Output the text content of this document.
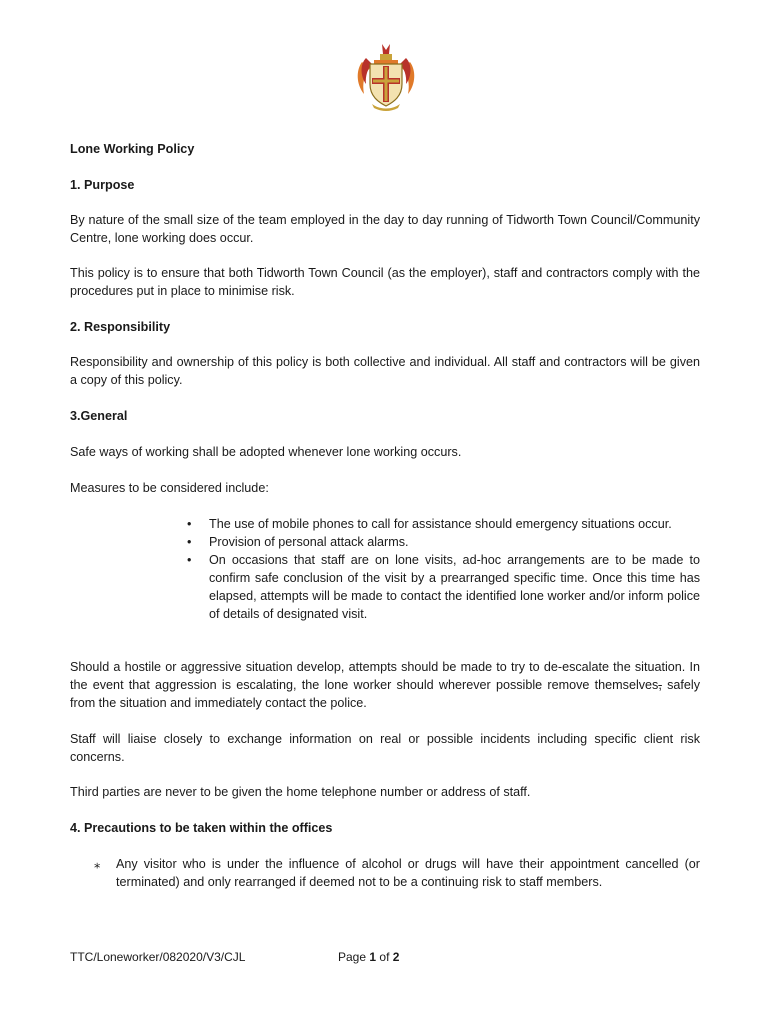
Lone Working Policy
1. Purpose
By nature of the small size of the team employed in the day to day running of Tidworth Town Council/Community Centre, lone working does occur.
This policy is to ensure that both Tidworth Town Council (as the employer), staff and contractors comply with the procedures put in place to minimise risk.
2. Responsibility
Responsibility and ownership of this policy is both collective and individual. All staff and contractors will be given a copy of this policy.
3.General
Safe ways of working shall be adopted whenever lone working occurs.
Measures to be considered include:
• The use of mobile phones to call for assistance should emergency situations occur.
• Provision of personal attack alarms.
• On occasions that staff are on lone visits, ad-hoc arrangements are to be made to confirm safe conclusion of the visit by a prearranged specific time. Once this time has elapsed, attempts will be made to contact the identified lone worker and/or inform police of details of designated visit.
Should a hostile or aggressive situation develop, attempts should be made to try to de-escalate the situation. In the event that aggression is escalating, the lone worker should wherever possible remove themselves, safely from the situation and immediately contact the police.
Staff will liaise closely to exchange information on real or possible incidents including specific client risk concerns.
Third parties are never to be given the home telephone number or address of staff.
4. Precautions to be taken within the offices
⁎ Any visitor who is under the influence of alcohol or drugs will have their appointment cancelled (or terminated) and only rearranged if deemed not to be a continuing risk to staff members.
TTC/Loneworker/082020/V3/CJL	Page 1 of 2
